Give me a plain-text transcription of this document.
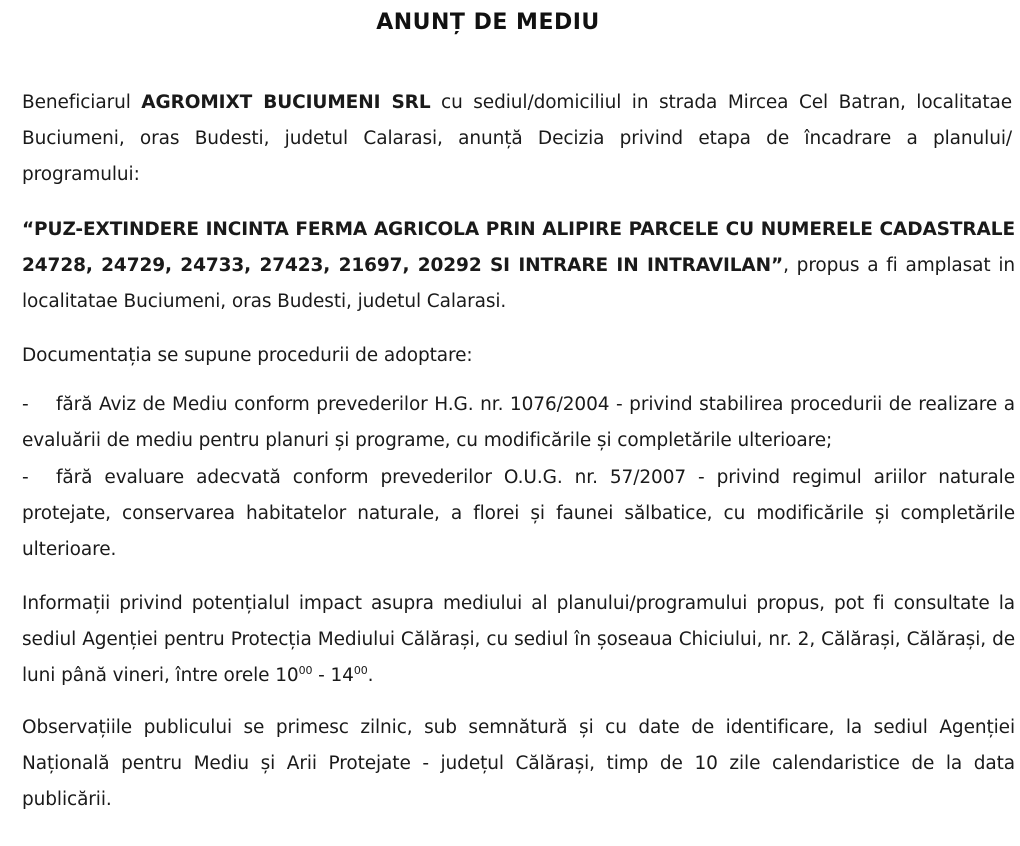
ANUNȚ DE MEDIU

Beneficiarul AGROMIXT BUCIUMENI SRL cu sediul/domiciliul in strada Mircea Cel Batran, localitatae Buciumeni, oras Budesti, judetul Calarasi, anunță Decizia privind etapa de încadrare a planului/ programului:

“PUZ-EXTINDERE INCINTA FERMA AGRICOLA PRIN ALIPIRE PARCELE CU NUMERELE CADASTRALE 24728, 24729, 24733, 27423, 21697, 20292 SI INTRARE IN INTRAVILAN”, propus a fi amplasat in localitatae Buciumeni, oras Budesti, judetul Calarasi.

Documentația se supune procedurii de adoptare:

- fără Aviz de Mediu conform prevederilor H.G. nr. 1076/2004 - privind stabilirea procedurii de realizare a evaluării de mediu pentru planuri și programe, cu modificările și completările ulterioare;

- fără evaluare adecvată conform prevederilor O.U.G. nr. 57/2007 - privind regimul ariilor naturale protejate, conservarea habitatelor naturale, a florei și faunei sălbatice, cu modificările și completările ulterioare.

Informații privind potențialul impact asupra mediului al planului/programului propus, pot fi consultate la sediul Agenției pentru Protecția Mediului Călărași, cu sediul în șoseaua Chiciului, nr. 2, Călărași, Călărași, de luni până vineri, între orele $10^{00} - 14^{00}$.

Observațiile publicului se primesc zilnic, sub semnătură și cu date de identificare, la sediul Agenției Națională pentru Mediu și Arii Protejate - județul Călărași, timp de 10 zile calendaristice de la data publicării.
